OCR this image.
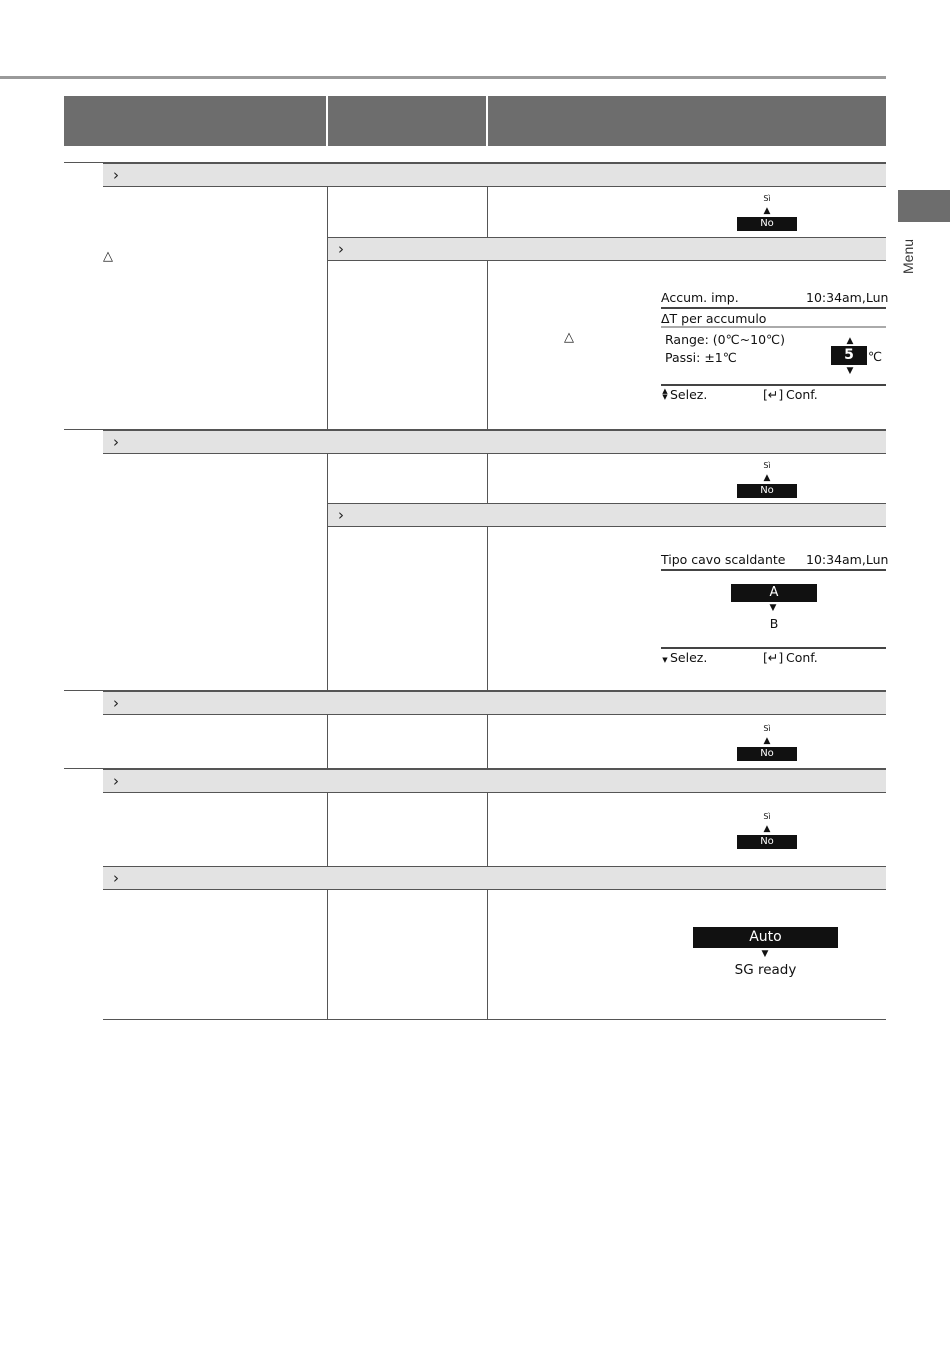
Menu
›
△
Sì
▲
No
›
△
Accum. imp.	10:34am,Lun
ΔT per accumulo
Range: (0℃~10℃)
Passi: ±1℃
▲
5	℃
▼
▲
▼ Selez.	[↵] Conf.
›
Sì
▲
No
›
Tipo cavo scaldante 10:34am,Lun
A
▼
B
▼ Selez.	[↵] Conf.
›
Sì
▲
No
›
Sì
▲
No
›
Auto
▼
SG ready
